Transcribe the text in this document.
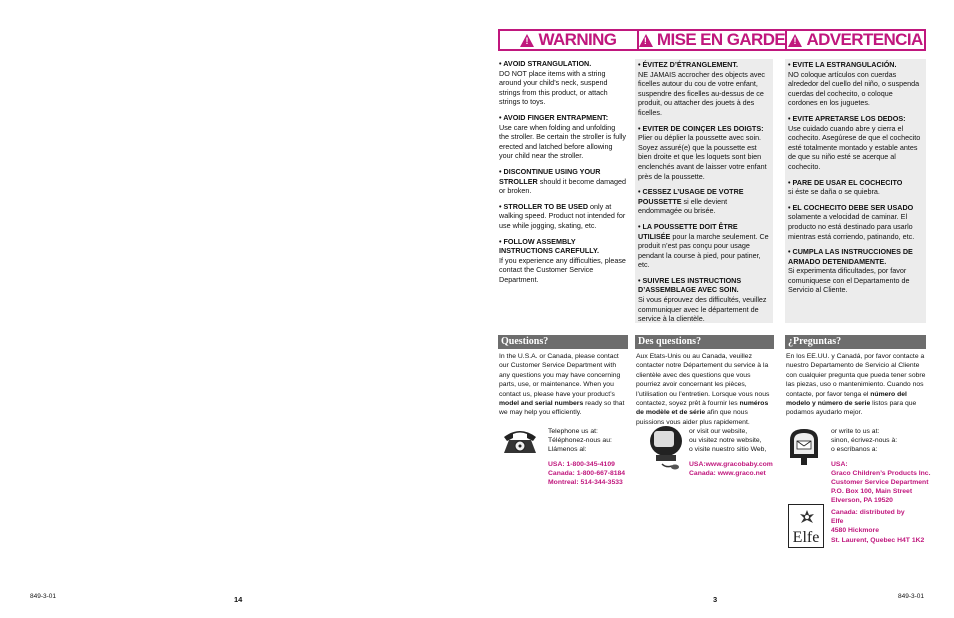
!
WARNING ! MISE EN GARDE ! ADVERTENCIA

• AVOID STRANGULATION.
DO NOT place items with a string around your child’s neck, suspend strings from this product, or attach strings to toys.

• AVOID FINGER ENTRAPMENT:
Use care when folding and unfolding the stroller. Be certain the stroller is fully erected and latched before allowing your child near the stroller.

• DISCONTINUE USING YOUR STROLLER should it become damaged or broken.

• STROLLER TO BE USED only at walking speed. Product not intended for use while jogging, skating, etc.

• FOLLOW ASSEMBLY INSTRUCTIONS CAREFULLY.
If you experience any difficulties, please contact the Customer Service Department.

• ÉVITEZ D’ÉTRANGLEMENT.
NE JAMAIS accrocher des objects avec ficelles autour du cou de votre enfant, suspendre des ficelles au-dessus de ce produit, ou attacher des jouets à des ficelles.

• EVITER DE COINÇER LES DOIGTS: Plier ou déplier la poussette avec soin. Soyez assuré(e) que la poussette est bien droite et que les loquets sont bien enclenchés avant de laisser votre enfant près de la poussette.

• CESSEZ L’USAGE DE VOTRE POUSSETTE si elle devient endommagée ou brisée.

• LA POUSSETTE DOIT ÊTRE UTILISÉE pour la marche seulement. Ce produit n’est pas conçu pour usage pendant la course à pied, pour patiner, etc.

• SUIVRE LES INSTRUCTIONS D’ASSEMBLAGE AVEC SOIN.
Si vous éprouvez des difficultés, veuillez communiquer avec le département de service à la clientèle.

• EVITE LA ESTRANGULACIÓN.
NO coloque artículos con cuerdas alrededor del cuello del niño, o suspenda cuerdas del cochecito, o coloque cordones en los juguetes.

• EVITE APRETARSE LOS DEDOS:
Use cuidado cuando abre y cierra el cochecito. Asegúrese de que el cochecito esté totalmente montado y estable antes de que su niño esté se acerque al cochecito.

• PARE DE USAR EL COCHECITO
si éste se daña o se quiebra.

• EL COCHECITO DEBE SER USADO solamente a velocidad de caminar. El producto no está destinado para usarlo mientras está corriendo, patinando, etc.

• CUMPLA LAS INSTRUCCIONES DE ARMADO DETENIDAMENTE.
Si experimenta dificultades, por favor comuniquese con el Departamento de Servicio al Cliente.

Questions?	Des questions?	¿Preguntas?
In the U.S.A. or Canada, please contact our Customer Service Department with any questions you may have concerning parts, use, or maintenance. When you contact us, please have your product’s model and serial numbers ready so that we may help you efficiently.
Aux Etats-Unis ou au Canada, veuillez contacter notre Département du service à la clientèle avec des questions que vous pourriez avoir concernant les pièces, l’utilisation ou l’entretien. Lorsque vous nous contactez, soyez prêt à fournir les numéros de modèle et de série afin que nous puissions vous aider plus rapidement.
En los EE.UU. y Canadá, por favor contacte a nuestro Departamento de Servicio al Cliente con cualquier pregunta que pueda tener sobre las piezas, uso o mantenimiento. Cuando nos contacte, por favor tenga el número del modelo y número de serie listos para que podamos ayudarlo mejor.
Telephone us at:
Téléphonez-nous au:
Llámenos al:
USA: 1-800-345-4109
Canada: 1-800-667-8184
Montreal: 514-344-3533
or visit our website,
ou visitez notre website,
o visite nuestro sitio Web,
USA:www.gracobaby.com
Canada: www.graco.net
or write to us at:
sinon, écrivez-nous à:
o escríbanos a:
USA:
Graco Children’s Products Inc.
Customer Service Department
P.O. Box 100, Main Street
Elverson, PA 19520
Elfe
Canada: distributed by
Elfe
4580 Hickmore
St. Laurent, Quebec H4T 1K2
849-3-01	14	3	849-3-01
